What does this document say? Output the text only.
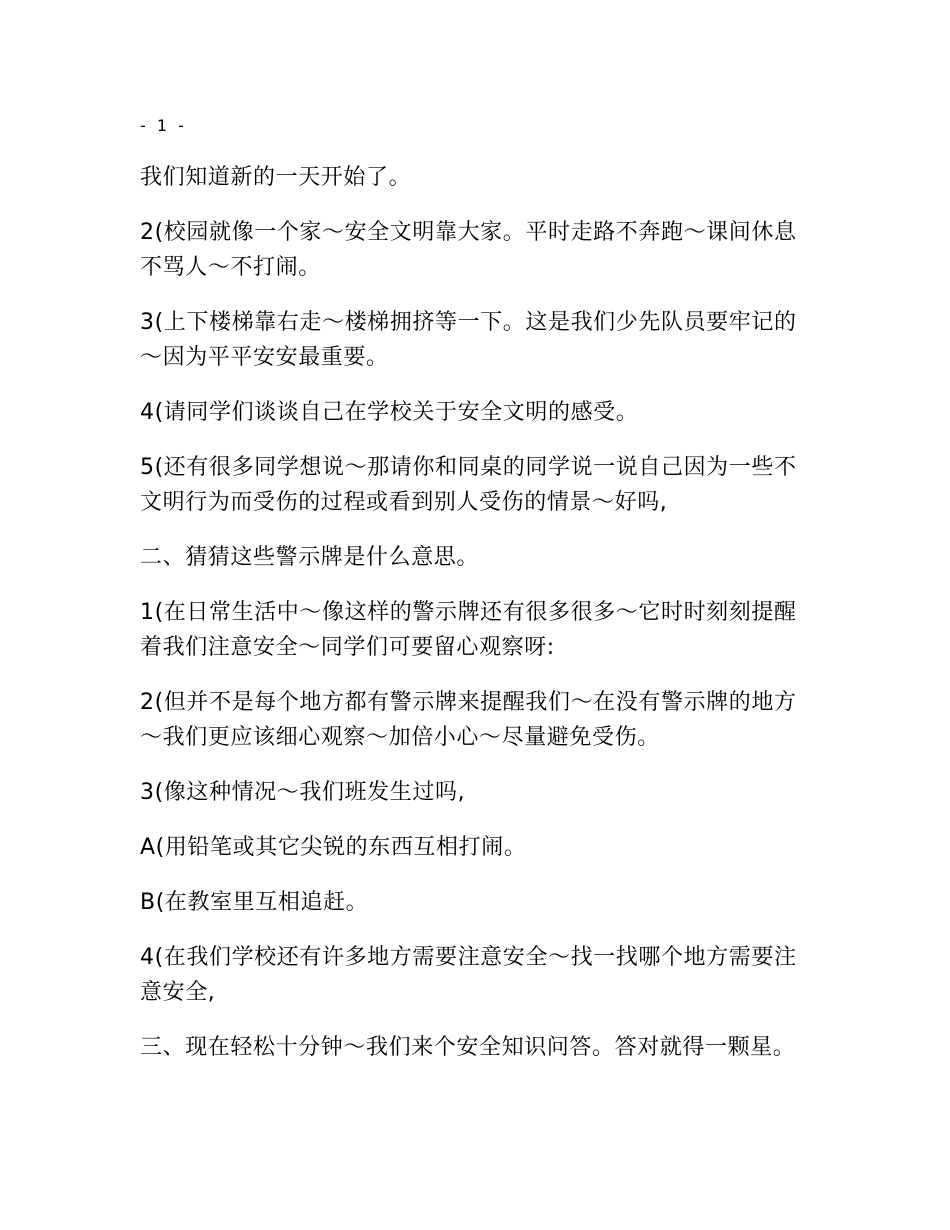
- 1 -

我们知道新的一天开始了。

2(校园就像一个家～安全文明靠大家。平时走路不奔跑～课间休息不骂人～不打闹。

3(上下楼梯靠右走～楼梯拥挤等一下。这是我们少先队员要牢记的～因为平平安安最重要。

4(请同学们谈谈自己在学校关于安全文明的感受。

5(还有很多同学想说～那请你和同桌的同学说一说自己因为一些不文明行为而受伤的过程或看到别人受伤的情景～好吗,

二、猜猜这些警示牌是什么意思。

1(在日常生活中～像这样的警示牌还有很多很多～它时时刻刻提醒着我们注意安全～同学们可要留心观察呀:

2(但并不是每个地方都有警示牌来提醒我们～在没有警示牌的地方～我们更应该细心观察～加倍小心～尽量避免受伤。

3(像这种情况～我们班发生过吗,

A(用铅笔或其它尖锐的东西互相打闹。

B(在教室里互相追赶。

4(在我们学校还有许多地方需要注意安全～找一找哪个地方需要注意安全,

三、现在轻松十分钟～我们来个安全知识问答。答对就得一颗星。
